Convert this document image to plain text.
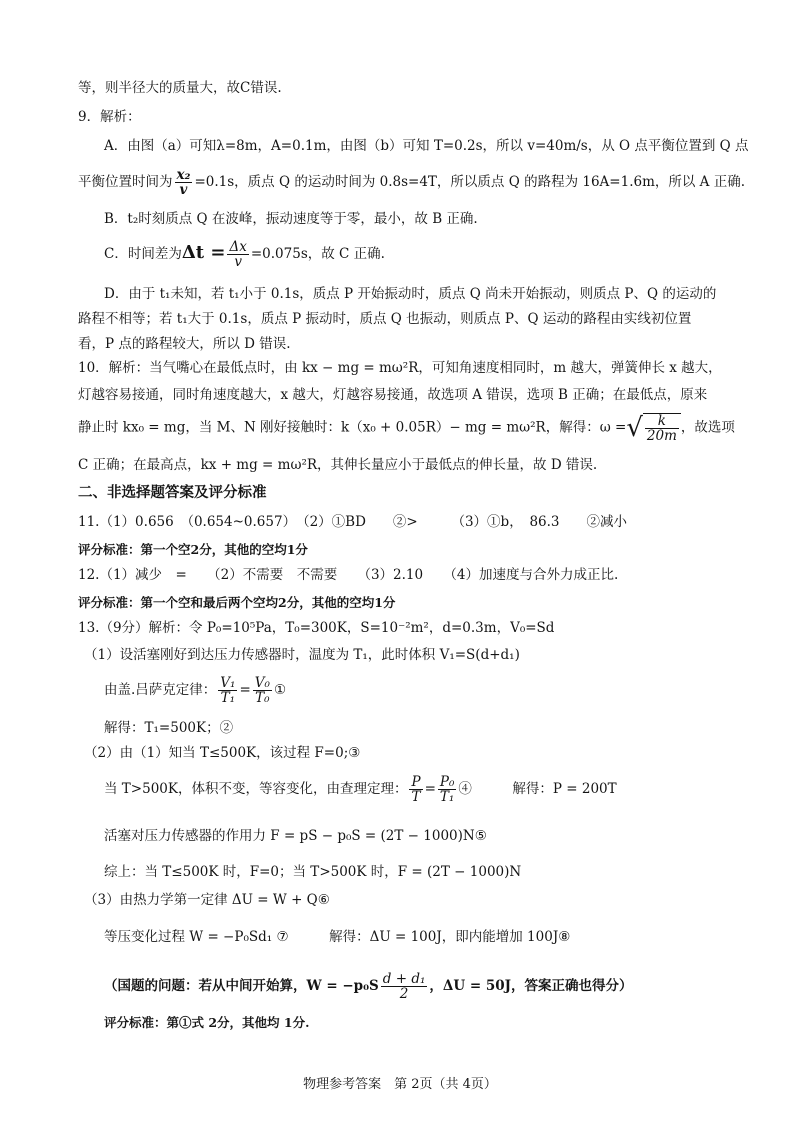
等，则半径大的质量大，故C错误.
9．解析：
A．由图（a）可知λ=8m，A=0.1m，由图（b）可知 T=0.2s，所以 v=40m/s，从 O 点平衡位置到 Q 点
平衡位置时间为 $\frac{\text{x₂}}{v} =0.1s$，质点 Q 的运动时间为 0.8s=4T，所以质点 Q 的路程为 16A=1.6m，所以 A 正确.
B．t₂时刻质点 Q 在波峰，振动速度等于零，最小，故 B 正确.
C．时间差为$\Delta t = \frac{\Delta x}{v} =0.075s$，故 C 正确.
D．由于 t₁未知，若 t₁小于 0.1s，质点 P 开始振动时，质点 Q 尚未开始振动，则质点 P、Q 的运动的
路程不相等；若 t₁大于 0.1s，质点 P 振动时，质点 Q 也振动，则质点 P、Q 运动的路程由实线初位置
看，P 点的路程较大，所以 D 错误.
10．解析：当气嘴心在最低点时，由 kx − mg = mω²R，可知角速度相同时，m 越大，弹簧伸长 x 越大，
灯越容易接通，同时角速度越大，x 越大，灯越容易接通，故选项 A 错误，选项 B 正确；在最低点，原来
静止时 kx₀ = mg，当 M、N 刚好接触时：k（x₀ + 0.05R）− mg = mω²R，解得：ω =√ $\frac{k}{20m}$ ，故选项
C 正确；在最高点，kx + mg = mω²R，其伸长量应小于最低点的伸长量，故 D 错误.
二、非选择题答案及评分标准
11.（1）0.656　（0.654~0.657）　（2）①BD　　②>　　　（3）①b，　86.3　　②减小
评分标准：第一个空2分，其他的空均1分
12.（1）减少　=　　（2）不需要　不需要　　（3）2.10　　（4）加速度与合外力成正比.
评分标准：第一个空和最后两个空均2分，其他的空均1分
13.（9分）解析：令 P₀=10⁵Pa，T₀=300K，S=10⁻²m²，d=0.3m，V₀=Sd
（1）设活塞刚好到达压力传感器时，温度为 T₁，此时体积 V₁=S(d+d₁)
由盖.吕萨克定律： $\frac{\text{V₁}}{\text{T₁}} = \frac{\text{V₀}}{\text{T₀}}$ ①
解得：T₁=500K；②
（2）由（1）知当 T≤500K，该过程 F=0;③
当 T>500K，体积不变，等容变化，由查理定理： $\frac{P}{T} = \frac{\text{P₀}}{\text{T₁}}$ ④　　　解得：P = 200T
活塞对压力传感器的作用力 F = pS − p₀S = (2T − 1000)N⑤
综上：当 T≤500K 时，F=0；当 T>500K 时，F = (2T − 1000)N
（3）由热力学第一定律 ΔU = W + Q⑥
等压变化过程 W = −P₀Sd₁ ⑦　　　解得：ΔU = 100J，即内能增加 100J⑧
（国题的问题：若从中间开始算，$W = -p_0S \frac{\text{d + d₁}}{2}$ ，ΔU = 50J，答案正确也得分）
评分标准：第①式 2分，其他均 1分.
物理参考答案　第 2页（共 4页）
